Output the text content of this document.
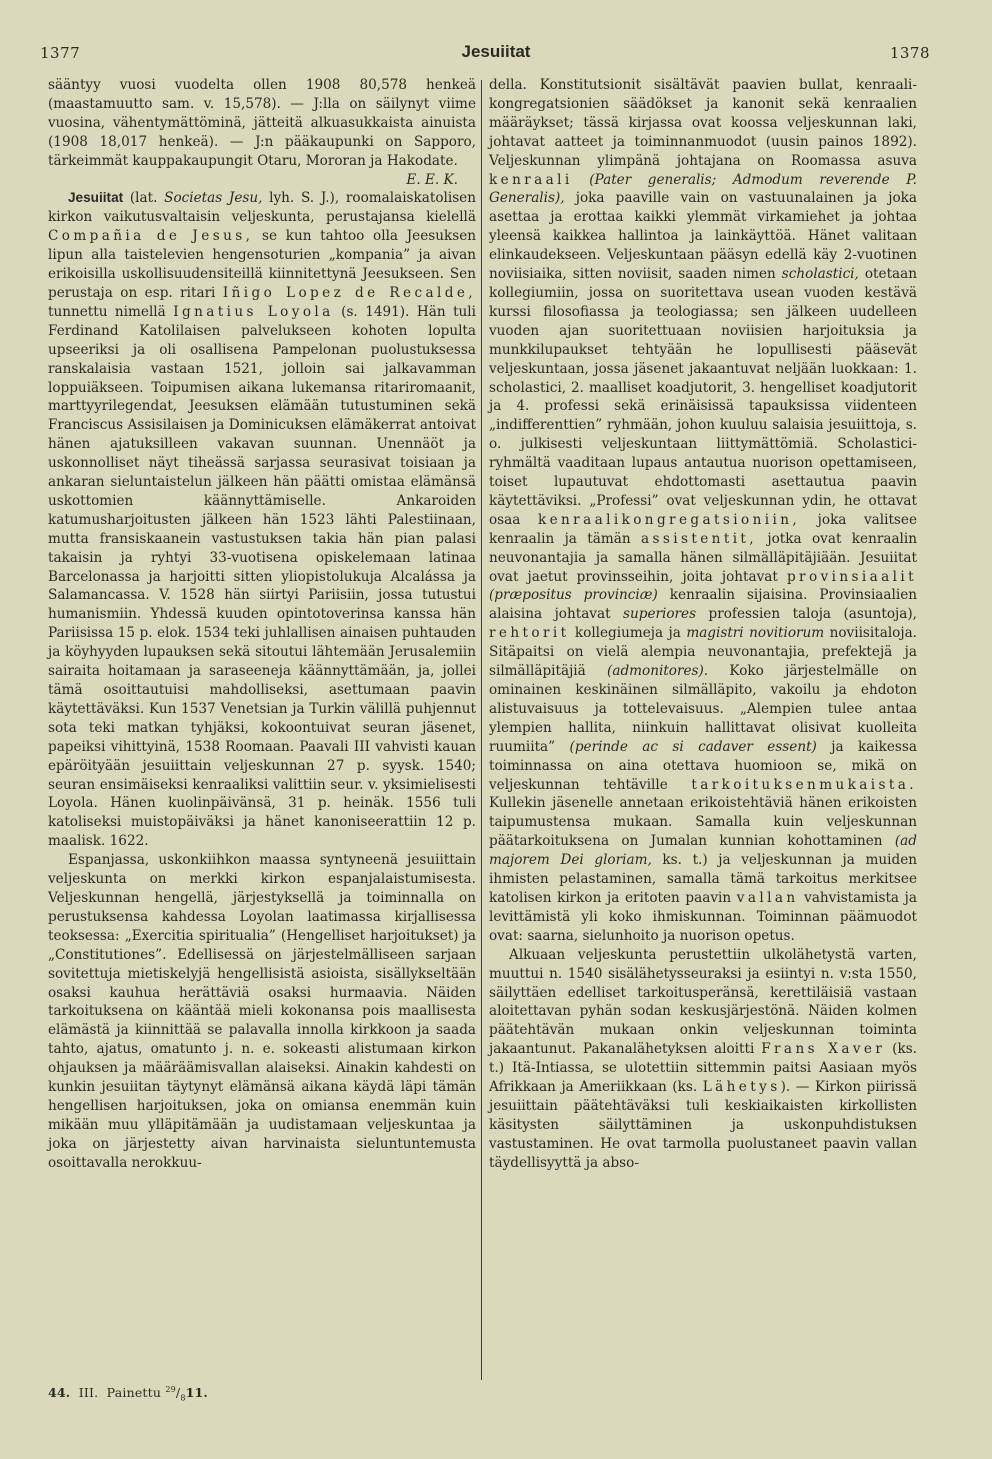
1377	Jesuiitat	1378

sääntyy vuosi vuodelta ollen 1908 80,578 henkeä (maastamuutto sam. v. 15,578). — J:lla on säilynyt viime vuosina, vähentymättöminä, jätteitä alkuasukkaista ainuista (1908 18,017 henkeä). — J:n pääkaupunki on Sapporo, tärkeimmät kauppakaupungit Otaru, Mororan ja Hakodate.

E. E. K.

Jesuiitat (lat. Societas Jesu, lyh. S. J.), roomalaiskatolisen kirkon vaikutusvaltaisin veljeskunta, perustajansa kielellä Compañia de Jesus, se kun tahtoo olla Jeesuksen lipun alla taistelevien hengensoturien „kompania” ja aivan erikoisilla uskollisuudensiteillä kiinnitettynä Jeesukseen. Sen perustaja on esp. ritari Iñigo Lopez de Recalde, tunnettu nimellä Ignatius Loyola (s. 1491). Hän tuli Ferdinand Katolilaisen palvelukseen kohoten lopulta upseeriksi ja oli osallisena Pampelonan puolustuksessa ranskalaisia vastaan 1521, jolloin sai jalkavamman loppuiäkseen. Toipumisen aikana lukemansa ritariromaanit, marttyyrilegendat, Jeesuksen elämään tutustuminen sekä Franciscus Assisilaisen ja Dominicuksen elämäkerrat antoivat hänen ajatuksilleen vakavan suunnan. Unennäöt ja uskonnolliset näyt tiheässä sarjassa seurasivat toisiaan ja ankaran sieluntaistelun jälkeen hän päätti omistaa elämänsä uskottomien käännyttämiselle. Ankaroiden katumusharjoitusten jälkeen hän 1523 lähti Palestiinaan, mutta fransiskaanein vastustuksen takia hän pian palasi takaisin ja ryhtyi 33-vuotisena opiskelemaan latinaa Barcelonassa ja harjoitti sitten yliopistolukuja Alcalássa ja Salamancassa. V. 1528 hän siirtyi Pariisiin, jossa tutustui humanismiin. Yhdessä kuuden opintotoverinsa kanssa hän Pariisissa 15 p. elok. 1534 teki juhlallisen ainaisen puhtauden ja köyhyyden lupauksen sekä sitoutui lähtemään Jerusalemiin sairaita hoitamaan ja saraseeneja käännyttämään, ja, jollei tämä osoittautuisi mahdolliseksi, asettumaan paavin käytettäväksi. Kun 1537 Venetsian ja Turkin välillä puhjennut sota teki matkan tyhjäksi, kokoontuivat seuran jäsenet, papeiksi vihittyinä, 1538 Roomaan. Paavali III vahvisti kauan epäröityään jesuiittain veljeskunnan 27 p. syysk. 1540; seuran ensimäiseksi kenraaliksi valittiin seur. v. yksimielisesti Loyola. Hänen kuolinpäivänsä, 31 p. heinäk. 1556 tuli katoliseksi muistopäiväksi ja hänet kanoniseerattiin 12 p. maalisk. 1622.

Espanjassa, uskonkiihkon maassa syntyneenä jesuiittain veljeskunta on merkki kirkon espanjalaistumisesta. Veljeskunnan hengellä, järjestyksellä ja toiminnalla on perustuksensa kahdessa Loyolan laatimassa kirjallisessa teoksessa: „Exercitia spiritualia” (Hengelliset harjoitukset) ja „Constitutiones”. Edellisessä on järjestelmälliseen sarjaan sovitettuja mietiskelyjä hengellisistä asioista, sisällykseltään osaksi kauhua herättäviä osaksi hurmaavia. Näiden tarkoituksena on kääntää mieli kokonansa pois maallisesta elämästä ja kiinnittää se palavalla innolla kirkkoon ja saada tahto, ajatus, omatunto j. n. e. sokeasti alistumaan kirkon ohjauksen ja määräämisvallan alaiseksi. Ainakin kahdesti on kunkin jesuiitan täytynyt elämänsä aikana käydä läpi tämän hengellisen harjoituksen, joka on omiansa enemmän kuin mikään muu ylläpitämään ja uudistamaan veljeskuntaa ja joka on järjestetty aivan harvinaista sieluntuntemusta osoittavalla nerokkuu-

della. Konstitutsionit sisältävät paavien bullat, kenraali-kongregatsionien säädökset ja kanonit sekä kenraalien määräykset; tässä kirjassa ovat koossa veljeskunnan laki, johtavat aatteet ja toiminnanmuodot (uusin painos 1892). Veljeskunnan ylimpänä johtajana on Roomassa asuva kenraali (Pater generalis; Admodum reverende P. Generalis), joka paaville vain on vastuunalainen ja joka asettaa ja erottaa kaikki ylemmät virkamiehet ja johtaa yleensä kaikkea hallintoa ja lainkäyttöä. Hänet valitaan elinkaudekseen. Veljeskuntaan pääsyn edellä käy 2-vuotinen noviisiaika, sitten noviisit, saaden nimen scholastici, otetaan kollegiumiin, jossa on suoritettava usean vuoden kestävä kurssi filosofiassa ja teologiassa; sen jälkeen uudelleen vuoden ajan suoritettuaan noviisien harjoituksia ja munkkilupaukset tehtyään he lopullisesti pääsevät veljeskuntaan, jossa jäsenet jakaantuvat neljään luokkaan: 1. scholastici, 2. maalliset koadjutorit, 3. hengelliset koadjutorit ja 4. professi sekä erinäisissä tapauksissa viidenteen „indifferenttien” ryhmään, johon kuuluu salaisia jesuiittoja, s. o. julkisesti veljeskuntaan liittymättömiä. Scholastici-ryhmältä vaaditaan lupaus antautua nuorison opettamiseen, toiset lupautuvat ehdottomasti asettautua paavin käytettäviksi. „Professi” ovat veljeskunnan ydin, he ottavat osaa kenraalikongregatsioniin, joka valitsee kenraalin ja tämän assistentit, jotka ovat kenraalin neuvonantajia ja samalla hänen silmälläpitäjiään. Jesuiitat ovat jaetut provinsseihin, joita johtavat provinsiaalit (præpositus provinciæ) kenraalin sijaisina. Provinsiaalien alaisina johtavat superiores professien taloja (asuntoja), rehtorit kollegiumeja ja magistri novitiorum noviisitaloja. Sitäpaitsi on vielä alempia neuvonantajia, prefektejä ja silmälläpitäjiä (admonitores). Koko järjestelmälle on ominainen keskinäinen silmälläpito, vakoilu ja ehdoton alistuvaisuus ja tottelevaisuus. „Alempien tulee antaa ylempien hallita, niinkuin hallittavat olisivat kuolleita ruumiita” (perinde ac si cadaver essent) ja kaikessa toiminnassa on aina otettava huomioon se, mikä on veljeskunnan tehtäville tarkoituksenmukaista. Kullekin jäsenelle annetaan erikoistehtäviä hänen erikoisten taipumustensa mukaan. Samalla kuin veljeskunnan päätarkoituksena on Jumalan kunnian kohottaminen (ad majorem Dei gloriam, ks. t.) ja veljeskunnan ja muiden ihmisten pelastaminen, samalla tämä tarkoitus merkitsee katolisen kirkon ja eritoten paavin vallan vahvistamista ja levittämistä yli koko ihmiskunnan. Toiminnan päämuodot ovat: saarna, sielunhoito ja nuorison opetus.

Alkuaan veljeskunta perustettiin ulkolähetystä varten, muuttui n. 1540 sisälähetysseuraksi ja esiintyi n. v:sta 1550, säilyttäen edelliset tarkoitusperänsä, kerettiläisiä vastaan aloitettavan pyhän sodan keskusjärjestönä. Näiden kolmen päätehtävän mukaan onkin veljeskunnan toiminta jakaantunut. Pakanalähetyksen aloitti Frans Xaver (ks. t.) Itä-Intiassa, se ulotettiin sittemmin paitsi Aasiaan myös Afrikkaan ja Ameriikkaan (ks. Lähetys). — Kirkon piirissä jesuiittain päätehtäväksi tuli keskiaikaisten kirkollisten käsitysten säilyttäminen ja uskonpuhdistuksen vastustaminen. He ovat tarmolla puolustaneet paavin vallan täydellisyyttä ja abso-

44. III. Painettu $^{29}/_811$.
